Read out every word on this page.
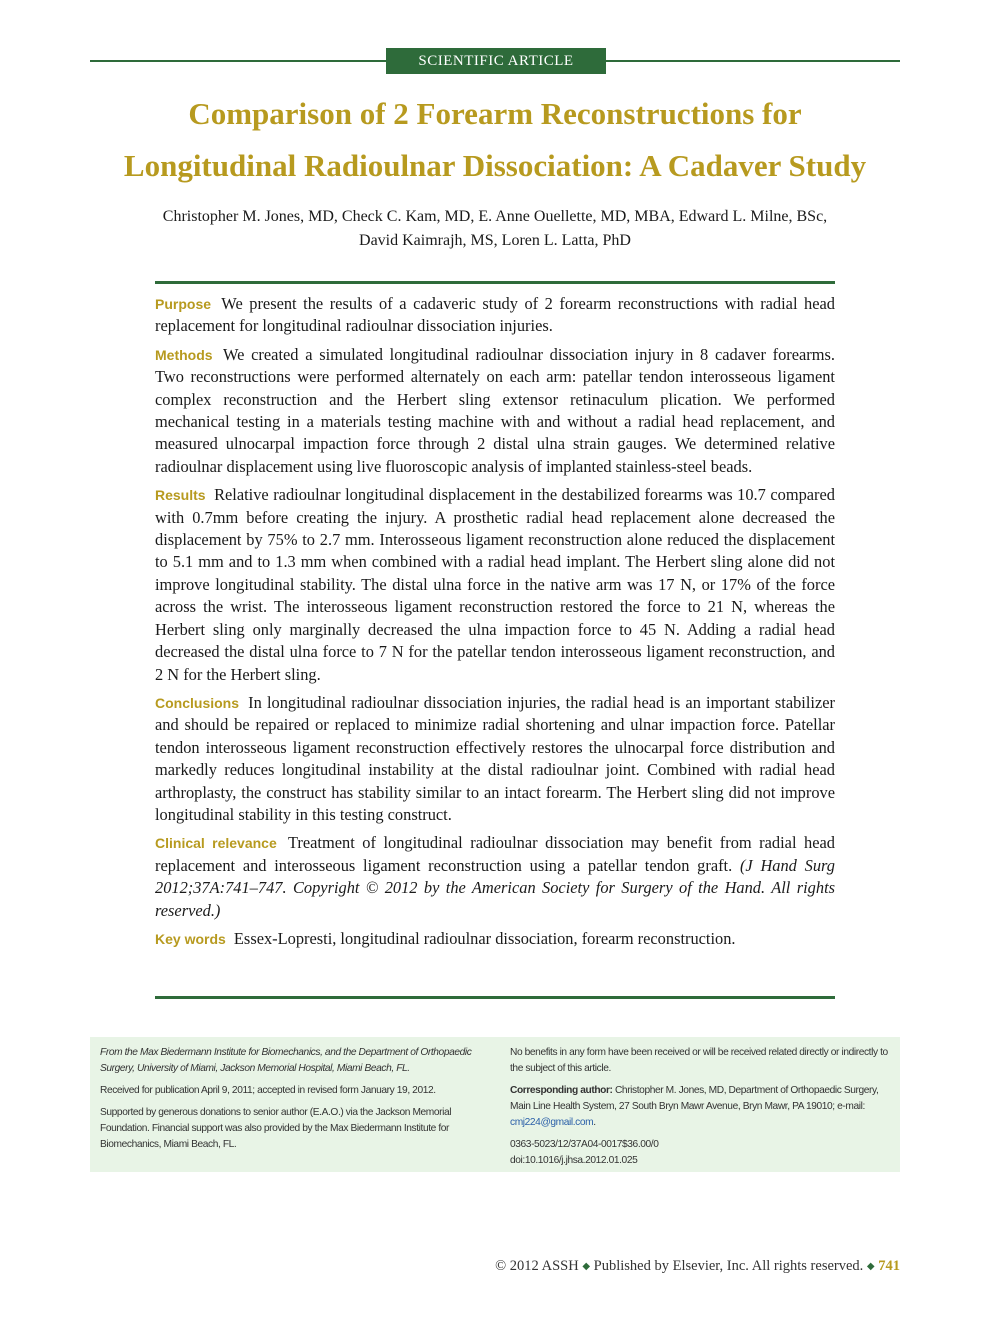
SCIENTIFIC ARTICLE
Comparison of 2 Forearm Reconstructions for
Longitudinal Radioulnar Dissociation: A Cadaver Study
Christopher M. Jones, MD, Check C. Kam, MD, E. Anne Ouellette, MD, MBA, Edward L. Milne, BSc,
David Kaimrajh, MS, Loren L. Latta, PhD

Purpose We present the results of a cadaveric study of 2 forearm reconstructions with radial head replacement for longitudinal radioulnar dissociation injuries.

Methods We created a simulated longitudinal radioulnar dissociation injury in 8 cadaver forearms. Two reconstructions were performed alternately on each arm: patellar tendon interosseous ligament complex reconstruction and the Herbert sling extensor retinaculum plication. We performed mechanical testing in a materials testing machine with and without a radial head replacement, and measured ulnocarpal impaction force through 2 distal ulna strain gauges. We determined relative radioulnar displacement using live fluoroscopic analysis of implanted stainless-steel beads.

Results Relative radioulnar longitudinal displacement in the destabilized forearms was 10.7 compared with 0.7mm before creating the injury. A prosthetic radial head replacement alone decreased the displacement by 75% to 2.7 mm. Interosseous ligament reconstruction alone reduced the displacement to 5.1 mm and to 1.3 mm when combined with a radial head implant. The Herbert sling alone did not improve longitudinal stability. The distal ulna force in the native arm was 17 N, or 17% of the force across the wrist. The interosseous ligament reconstruction restored the force to 21 N, whereas the Herbert sling only marginally decreased the ulna impaction force to 45 N. Adding a radial head decreased the distal ulna force to 7 N for the patellar tendon interosseous ligament reconstruction, and 2 N for the Herbert sling.

Conclusions In longitudinal radioulnar dissociation injuries, the radial head is an important stabilizer and should be repaired or replaced to minimize radial shortening and ulnar impaction force. Patellar tendon interosseous ligament reconstruction effectively restores the ulnocarpal force distribution and markedly reduces longitudinal instability at the distal radioulnar joint. Combined with radial head arthroplasty, the construct has stability similar to an intact forearm. The Herbert sling did not improve longitudinal stability in this testing construct.

Clinical relevance Treatment of longitudinal radioulnar dissociation may benefit from radial head replacement and interosseous ligament reconstruction using a patellar tendon graft. (J Hand Surg 2012;37A:741–747. Copyright © 2012 by the American Society for Surgery of the Hand. All rights reserved.)

Key words Essex-Lopresti, longitudinal radioulnar dissociation, forearm reconstruction.

From the Max Biedermann Institute for Biomechanics, and the Department of Orthopaedic Surgery, University of Miami, Jackson Memorial Hospital, Miami Beach, FL.

Received for publication April 9, 2011; accepted in revised form January 19, 2012.

Supported by generous donations to senior author (E.A.O.) via the Jackson Memorial Foundation. Financial support was also provided by the Max Biedermann Institute for Biomechanics, Miami Beach, FL.

No benefits in any form have been received or will be received related directly or indirectly to the subject of this article.

Corresponding author: Christopher M. Jones, MD, Department of Orthopaedic Surgery, Main Line Health System, 27 South Bryn Mawr Avenue, Bryn Mawr, PA 19010; e-mail: cmj224@gmail.com.

0363-5023/12/37A04-0017$36.00/0
doi:10.1016/j.jhsa.2012.01.025

© 2012 ASSH ◆ Published by Elsevier, Inc. All rights reserved. ◆ 741
